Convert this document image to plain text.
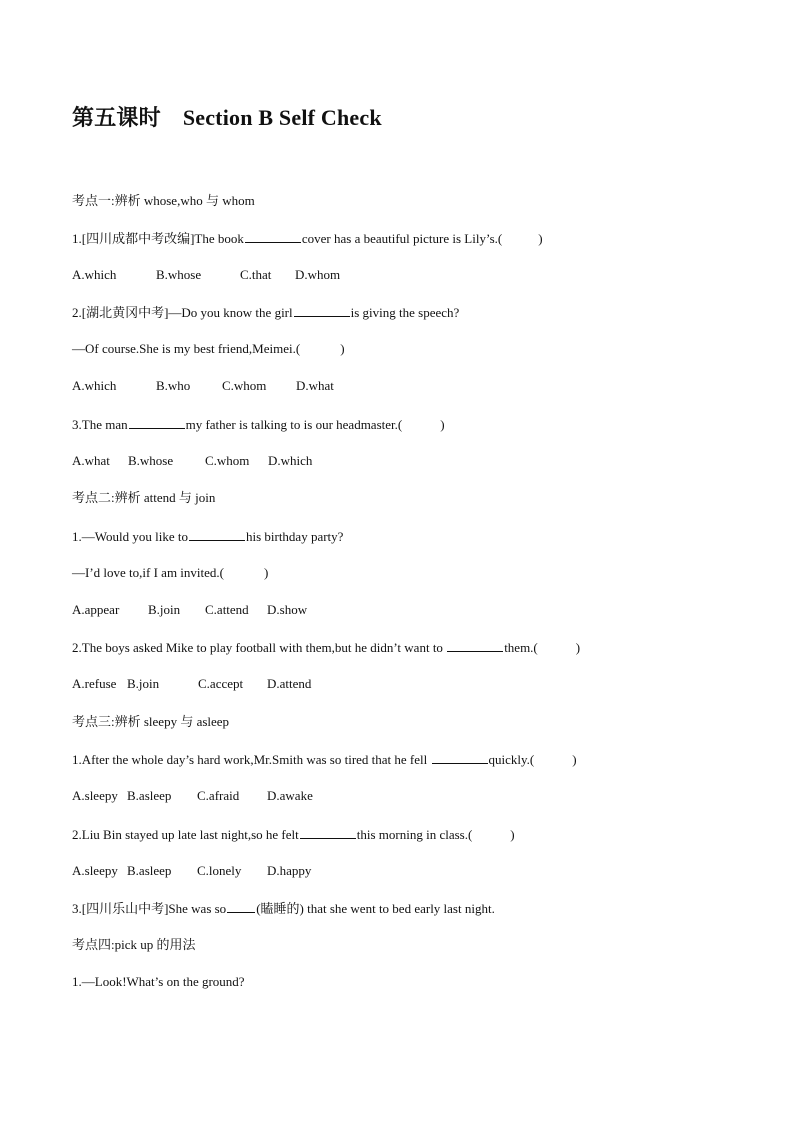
第五课时 Section B Self Check
考点一:辨析 whose,who 与 whom
1.[四川成都中考改编]The book	cover has a beautiful picture is Lily’s.(	)
A.which	B.whose	C.that D.whom
2.[湖北黄冈中考]—Do you know the girl	is giving the speech?
—Of course.She is my best friend,Meimei.(	)
A.which	B.who C.whom D.what
3.The man	my father is talking to is our headmaster.(	)
A.what B.whose C.whom D.which
考点二:辨析 attend 与 join
1.—Would you like to	his birthday party?
—I’d love to,if I am invited.(	)
A.appear B.join C.attend D.show
2.The boys asked Mike to play football with them,but he didn’t want to	them.(	)
A.refuse B.join	C.accept D.attend
考点三:辨析 sleepy 与 asleep
1.After the whole day’s hard work,Mr.Smith was so tired that he fell	quickly.(	)
A.sleepy B.asleep C.afraid D.awake
2.Liu Bin stayed up late last night,so he felt	this morning in class.(	)
A.sleepy B.asleep C.lonely D.happy
3.[四川乐山中考]She was so (瞌睡的) that she went to bed early last night.
考点四:pick up 的用法
1.—Look!What’s on the ground?
